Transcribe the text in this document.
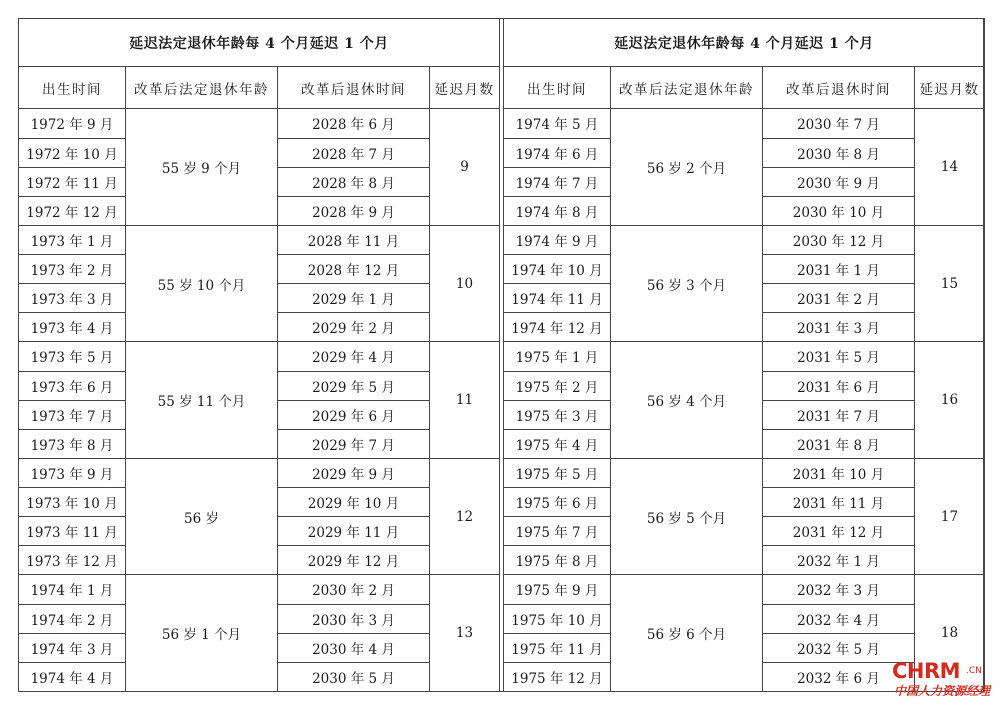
延迟法定退休年龄每 4 个月延迟 1 个月			
出生时间	改革后法定退休年龄	改革后退休时间	延迟月数
1972 年 9 月	55 岁 9 个月	2028 年 6 月	9
1972 年 10 月		2028 年 7 月	
1972 年 11 月		2028 年 8 月	
1972 年 12 月		2028 年 9 月	
1973 年 1 月	55 岁 10 个月	2028 年 11 月	10
1973 年 2 月		2028 年 12 月	
1973 年 3 月		2029 年 1 月	
1973 年 4 月		2029 年 2 月	
1973 年 5 月	55 岁 11 个月	2029 年 4 月	11
1973 年 6 月		2029 年 5 月	
1973 年 7 月		2029 年 6 月	
1973 年 8 月		2029 年 7 月	
1973 年 9 月	56 岁	2029 年 9 月	12
1973 年 10 月		2029 年 10 月	
1973 年 11 月		2029 年 11 月	
1973 年 12 月		2029 年 12 月	
1974 年 1 月	56 岁 1 个月	2030 年 2 月	13
1974 年 2 月		2030 年 3 月	
1974 年 3 月		2030 年 4 月	
1974 年 4 月		2030 年 5 月	
延迟法定退休年龄每 4 个月延迟 1 个月			
出生时间	改革后法定退休年龄	改革后退休时间	延迟月数
1974 年 5 月	56 岁 2 个月	2030 年 7 月	14
1974 年 6 月		2030 年 8 月	
1974 年 7 月		2030 年 9 月	
1974 年 8 月		2030 年 10 月	
1974 年 9 月	56 岁 3 个月	2030 年 12 月	15
1974 年 10 月		2031 年 1 月	
1974 年 11 月		2031 年 2 月	
1974 年 12 月		2031 年 3 月	
1975 年 1 月	56 岁 4 个月	2031 年 5 月	16
1975 年 2 月		2031 年 6 月	
1975 年 3 月		2031 年 7 月	
1975 年 4 月		2031 年 8 月	
1975 年 5 月	56 岁 5 个月	2031 年 10 月	17
1975 年 6 月		2031 年 11 月	
1975 年 7 月		2031 年 12 月	
1975 年 8 月		2032 年 1 月	
1975 年 9 月	56 岁 6 个月	2032 年 3 月	18
1975 年 10 月		2032 年 4 月	
1975 年 11 月		2032 年 5 月	
1975 年 12 月		2032 年 6 月	CHRM .CN
中国人力资源经理
